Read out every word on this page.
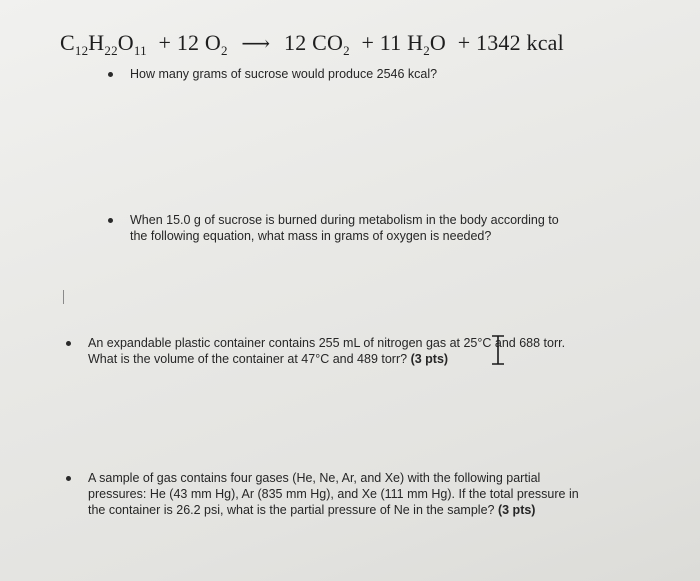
$C_{12}H_{22}O_{11} + 12$ $O_2$ ⟶ 12 $CO_2 + 11$ $H_2O + 1342$ kcal
How many grams of sucrose would produce 2546 kcal?
When 15.0 g of sucrose is burned during metabolism in the body according to the following equation, what mass in grams of oxygen is needed?
An expandable plastic container contains 255 mL of nitrogen gas at 25°C and 688 torr. What is the volume of the container at 47°C and 489 torr? (3 pts)
A sample of gas contains four gases (He, Ne, Ar, and Xe) with the following partial pressures: He (43 mm Hg), Ar (835 mm Hg), and Xe (111 mm Hg). If the total pressure in the container is 26.2 psi, what is the partial pressure of Ne in the sample? (3 pts)
